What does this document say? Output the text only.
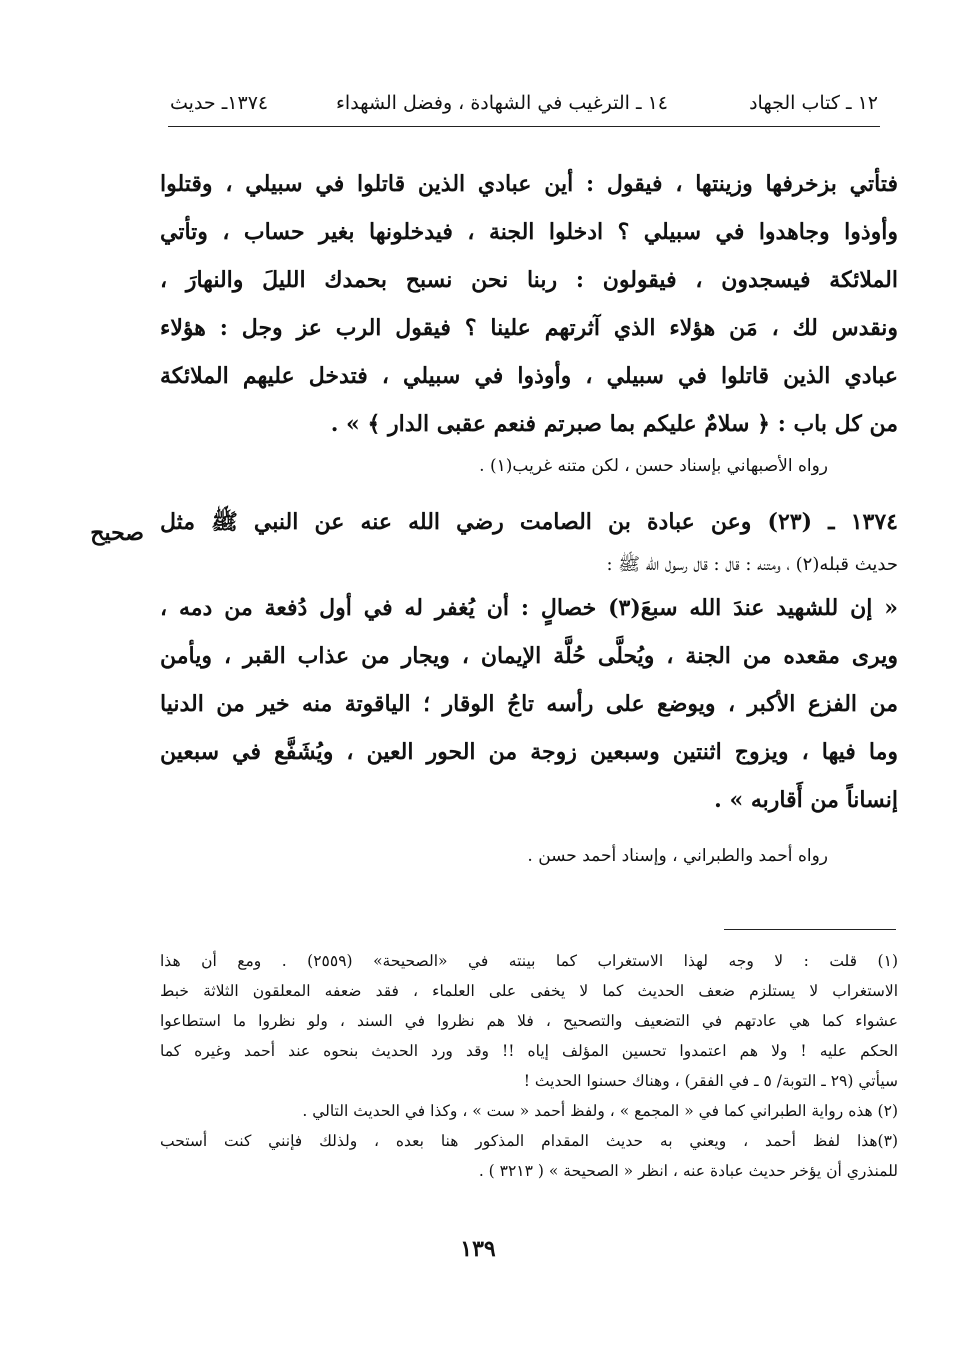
١٢ ـ كتاب الجهاد
١٤ ـ الترغيب في الشهادة ، وفضل الشهداء
١٣٧٤ـ حديث
صحيح
فتأتي بزخرفها وزينتها ، فيقول : أين عبادي الذين قاتلوا في سبيلي ، وقتلوا
وأوذوا وجاهدوا في سبيلي ؟ ادخلوا الجنة ، فيدخلونها بغير حساب ، وتأتي
الملائكة فيسجدون ، فيقولون : ربنا نحن نسبح بحمدك الليلَ والنهارَ ،
ونقدس لك ، مَن هؤلاء الذي آثرتهم علينا ؟ فيقول الرب عز وجل : هؤلاء
عبادي الذين قاتلوا في سبيلي ، وأوذوا في سبيلي ، فتدخل عليهم الملائكة
من كل باب : ﴿ سلامٌ عليكم بما صبرتم فنعم عقبى الدار ﴾ » .
رواه الأصبهاني بإسناد حسن ، لكن متنه غريب(١) .
١٣٧٤ ـ (٢٣) وعن عبادة بن الصامت رضي الله عنه عن النبي ﷺ مثل
حديث قبله(٢) ، ومتنه : قال : قال رسول الله ﷺ :
« إن للشهيد عندَ الله سبعَ(٣) خصالٍ : أن يُغفر له في أول دُفعة من دمه ،
ويرى مقعده من الجنة ، ويُحلَّى حُلَّة الإيمان ، ويجار من عذاب القبر ، ويأمن
من الفزع الأكبر ، ويوضع على رأسه تاجُ الوقار ؛ الياقوتة منه خير من الدنيا
وما فيها ، ويزوج اثنتين وسبعين زوجة من الحور العين ، ويُشَفَّع في سبعين
إنساناً من أَقاربه » .
رواه أحمد والطبراني ، وإسناد أحمد حسن .
(١) قلت : لا وجه لهذا الاستغراب كما بينته في «الصحيحة» (٢٥٥٩) . ومع أن هذا
الاستغراب لا يستلزم ضعف الحديث كما لا يخفى على العلماء ، فقد ضعفه المعلقون الثلاثة خبط
عشواء كما هي عادتهم في التضعيف والتصحيح ، فلا هم نظروا في السند ، ولو نظروا ما استطاعوا
الحكم عليه ! ولا هم اعتمدوا تحسين المؤلف إياه !! وقد ورد الحديث بنحوه عند أحمد وغيره كما
سيأتي (٢٩ ـ التوبة/ ٥ ـ في الفقر) ، وهناك حسنوا الحديث !
(٢) هذه رواية الطبراني كما في « المجمع » ، ولفظ أحمد « ست » ، وكذا في الحديث التالي .
(٣)هذا لفظ أحمد ، ويعني به حديث المقدام المذكور هنا بعده ، ولذلك فإنني كنت أستحب
للمنذري أن يؤخر حديث عبادة عنه ، انظر « الصحيحة » ( ٣٢١٣ ) .
١٣٩
